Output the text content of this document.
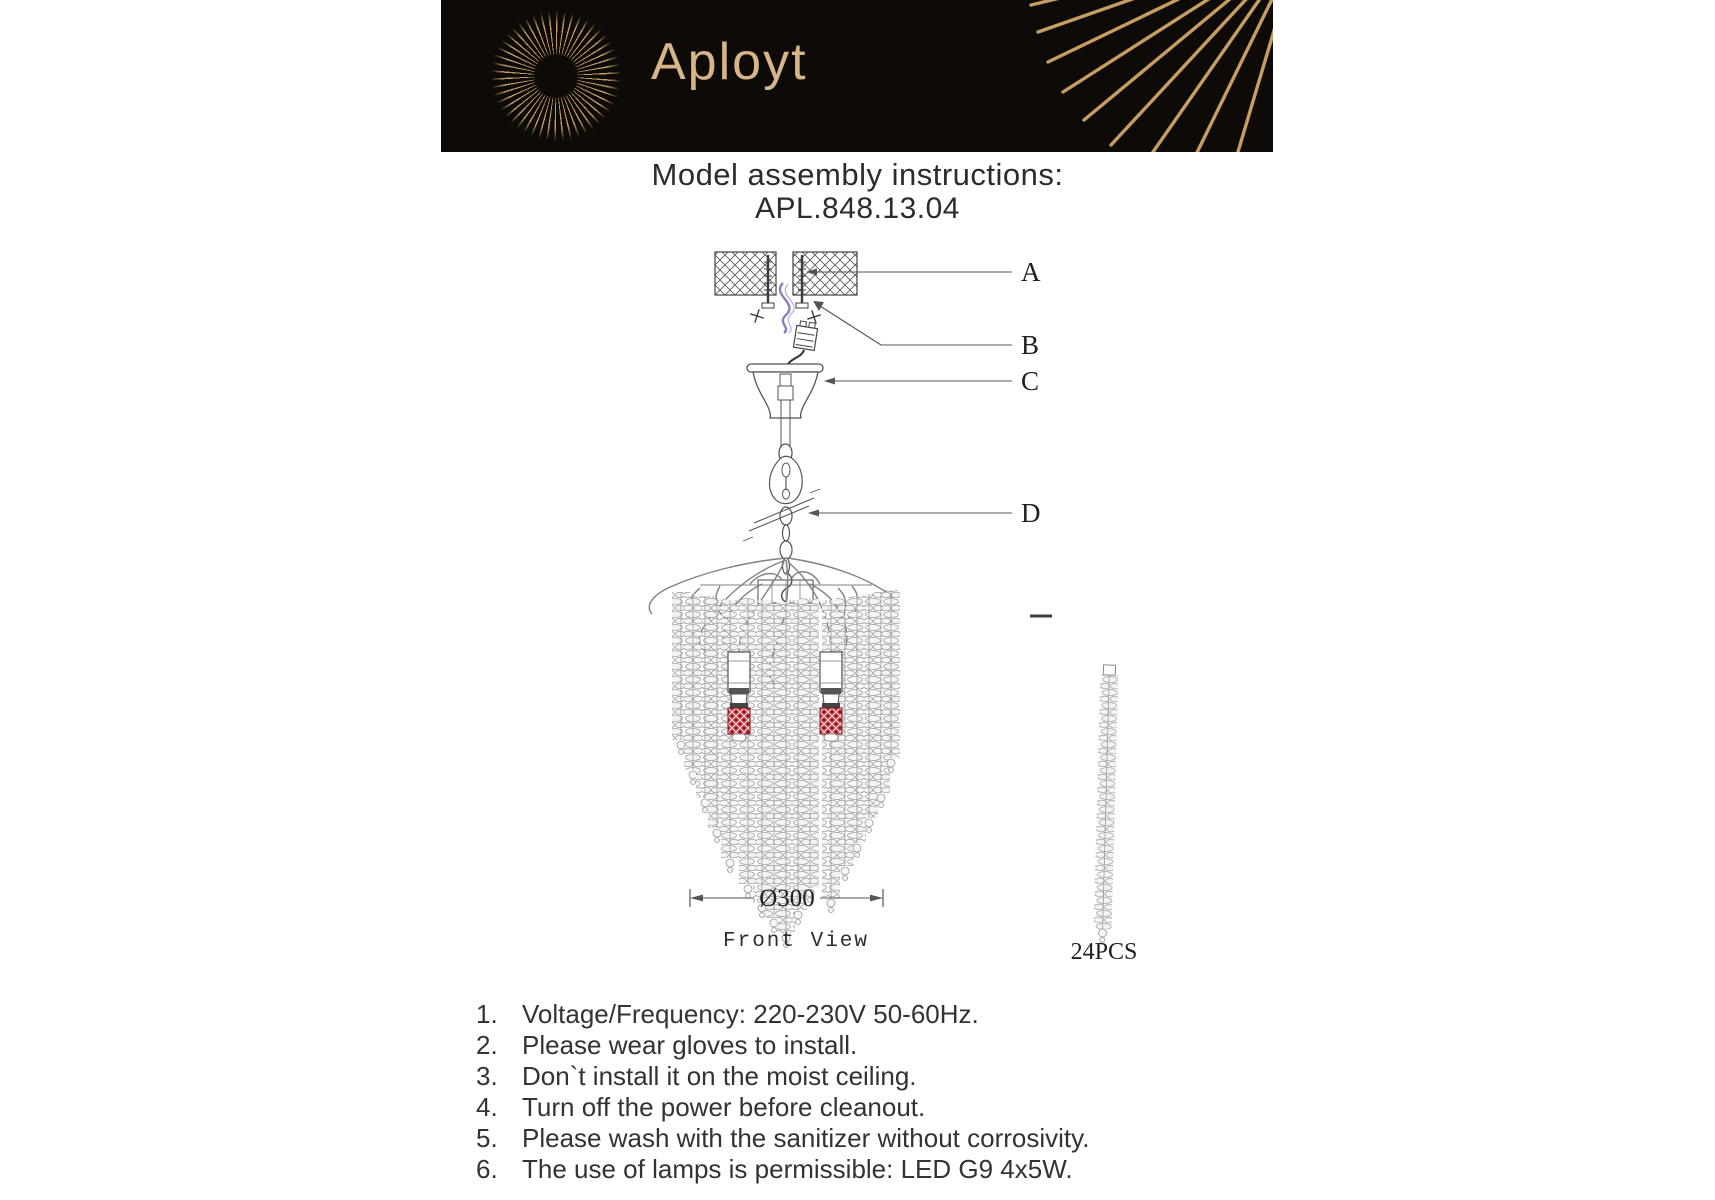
Aployt
Model assembly instructions:
APL.848.13.04
A
B
C
D
Ø300
Front View	24PCS
1. Voltage/Frequency: 220-230V 50-60Hz.
2. Please wear gloves to install.
3. Don`t install it on the moist ceiling.
4. Turn off the power before cleanout.
5. Please wash with the sanitizer without corrosivity.
6. The use of lamps is permissible: LED G9 4x5W.
